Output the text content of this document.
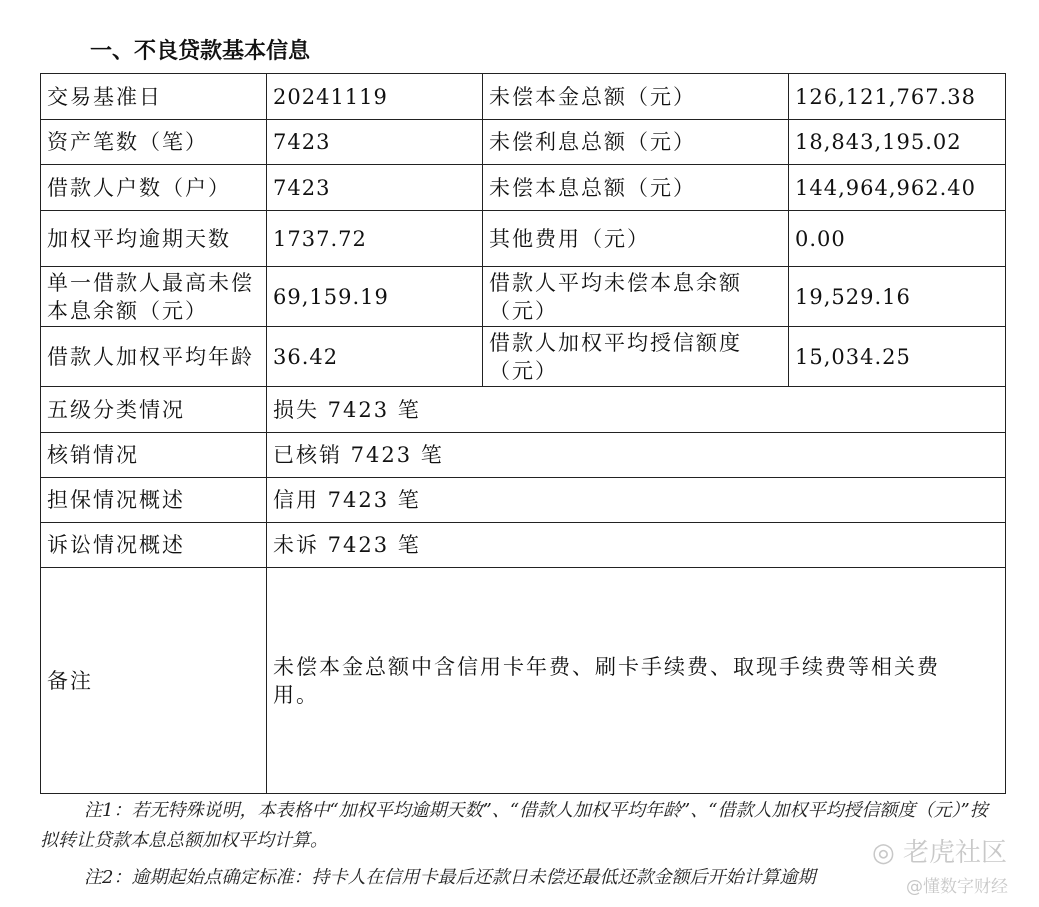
一、不良贷款基本信息
交易基准日	20241119	未偿本金总额（元）	126,121,767.38
资产笔数（笔）	7423	未偿利息总额（元）	18,843,195.02
借款人户数（户）	7423	未偿本息总额（元）	144,964,962.40
加权平均逾期天数	1737.72	其他费用（元）	0.00
单一借款人最高未偿本息余额（元）	69,159.19	借款人平均未偿本息余额（元）	19,529.16
借款人加权平均年龄	36.42	借款人加权平均授信额度（元）	15,034.25
五级分类情况	损失 7423 笔		
核销情况	已核销 7423 笔		
担保情况概述	信用 7423 笔		
诉讼情况概述	未诉 7423 笔		
备注	未偿本金总额中含信用卡年费、刷卡手续费、取现手续费等相关费用。		
注1：若无特殊说明，本表格中“加权平均逾期天数”、“借款人加权平均年龄”、“借款人加权平均授信额度（元）”按拟转让贷款本息总额加权平均计算。
注2：逾期起始点确定标准：持卡人在信用卡最后还款日未偿还最低还款金额后开始计算逾期
◎ 老虎社区
@懂数字财经
